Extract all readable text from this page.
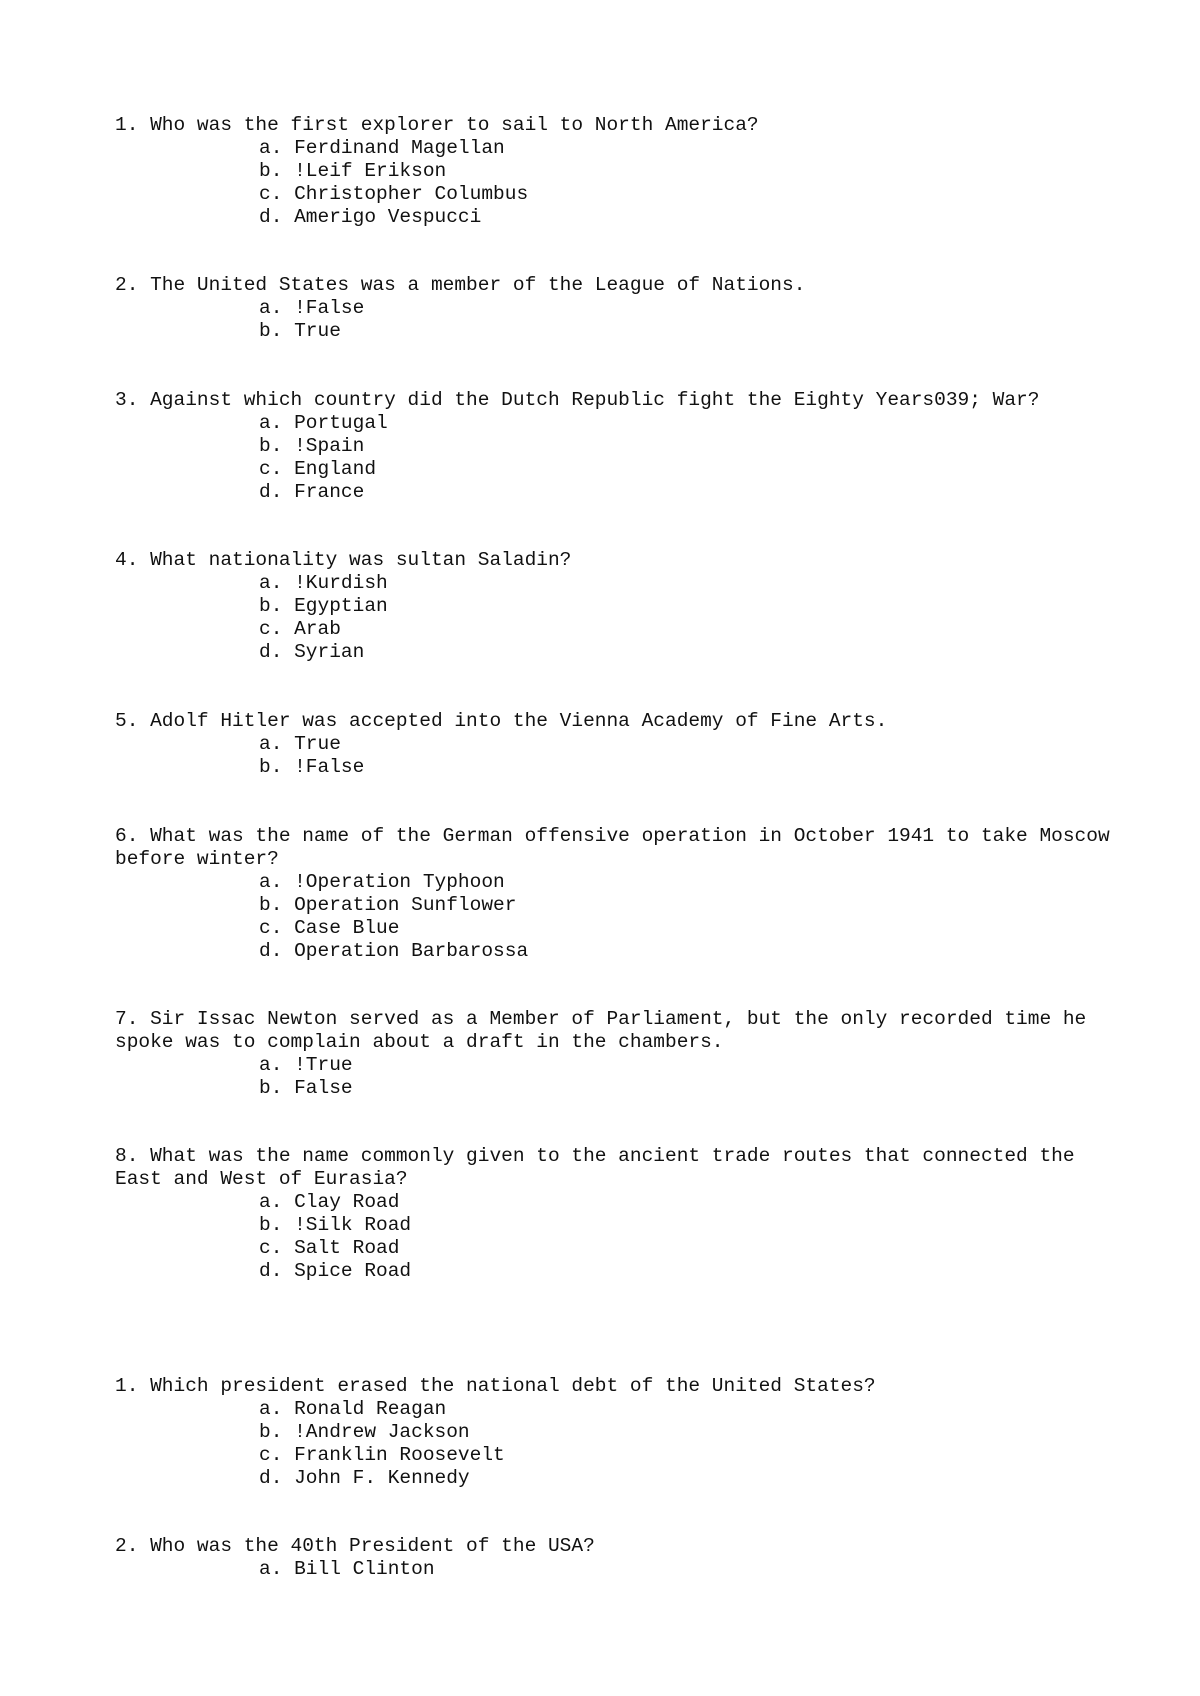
1. Who was the first explorer to sail to North America?

a. Ferdinand Magellan

b. !Leif Erikson

c. Christopher Columbus

d. Amerigo Vespucci

2. The United States was a member of the League of Nations.

a. !False

b. True

3. Against which country did the Dutch Republic fight the Eighty Years039; War?

a. Portugal

b. !Spain

c. England

d. France

4. What nationality was sultan Saladin?

a. !Kurdish

b. Egyptian

c. Arab

d. Syrian

5. Adolf Hitler was accepted into the Vienna Academy of Fine Arts.

a. True

b. !False

6. What was the name of the German offensive operation in October 1941 to take Moscow before winter?

a. !Operation Typhoon

b. Operation Sunflower

c. Case Blue

d. Operation Barbarossa

7. Sir Issac Newton served as a Member of Parliament, but the only recorded time he spoke was to complain about a draft in the chambers.

a. !True

b. False

8. What was the name commonly given to the ancient trade routes that connected the East and West of Eurasia?

a. Clay Road

b. !Silk Road

c. Salt Road

d. Spice Road

1. Which president erased the national debt of the United States?

a. Ronald Reagan

b. !Andrew Jackson

c. Franklin Roosevelt

d. John F. Kennedy

2. Who was the 40th President of the USA?

a. Bill Clinton
